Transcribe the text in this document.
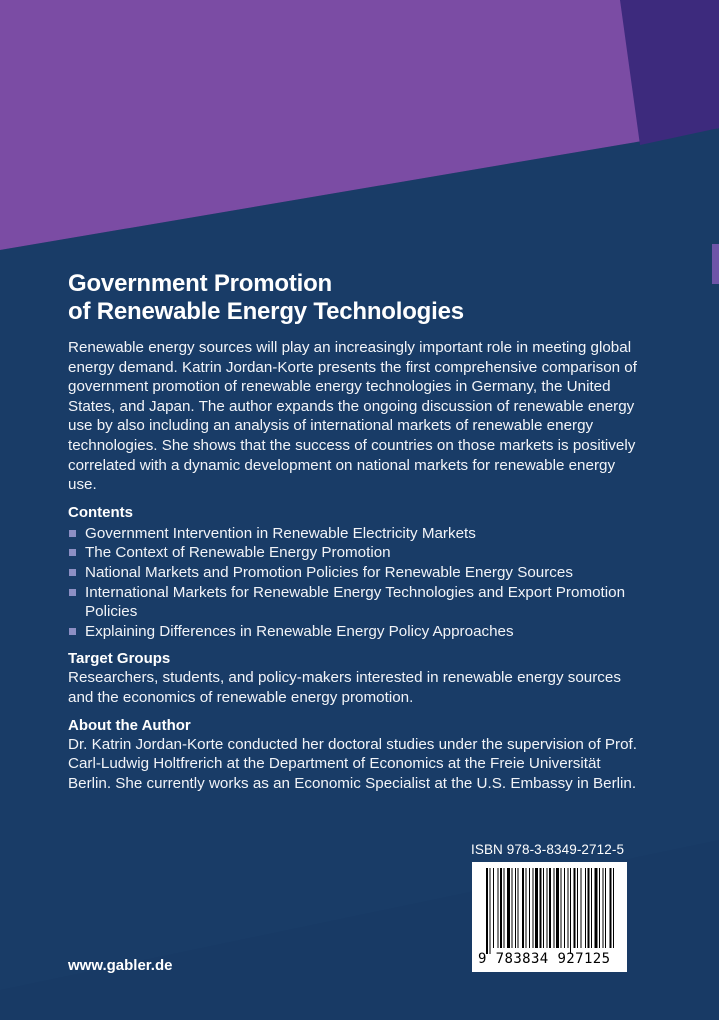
Government Promotion
of Renewable Energy Technologies

Renewable energy sources will play an increasingly important role in meeting global energy demand. Katrin Jordan-Korte presents the first comprehensive comparison of government promotion of renewable energy technologies in Germany, the United States, and Japan. The author expands the ongoing discussion of renewable energy use by also including an analysis of international markets of renewable energy technologies. She shows that the success of countries on those markets is positively correlated with a dynamic development on national markets for renewable energy use.

Contents
Government Intervention in Renewable Electricity Markets
The Context of Renewable Energy Promotion
National Markets and Promotion Policies for Renewable Energy Sources
International Markets for Renewable Energy Technologies and Export Promotion Policies
Explaining Differences in Renewable Energy Policy Approaches
Target Groups

Researchers, students, and policy-makers interested in renewable energy sources and the economics of renewable energy promotion.

About the Author

Dr. Katrin Jordan-Korte conducted her doctoral studies under the supervision of Prof. Carl-Ludwig Holtfrerich at the Department of Economics at the Freie Universität Berlin. She currently works as an Economic Specialist at the U.S. Embassy in Berlin.

ISBN 978-3-8349-2712-5
9 783834 927125
www.gabler.de
